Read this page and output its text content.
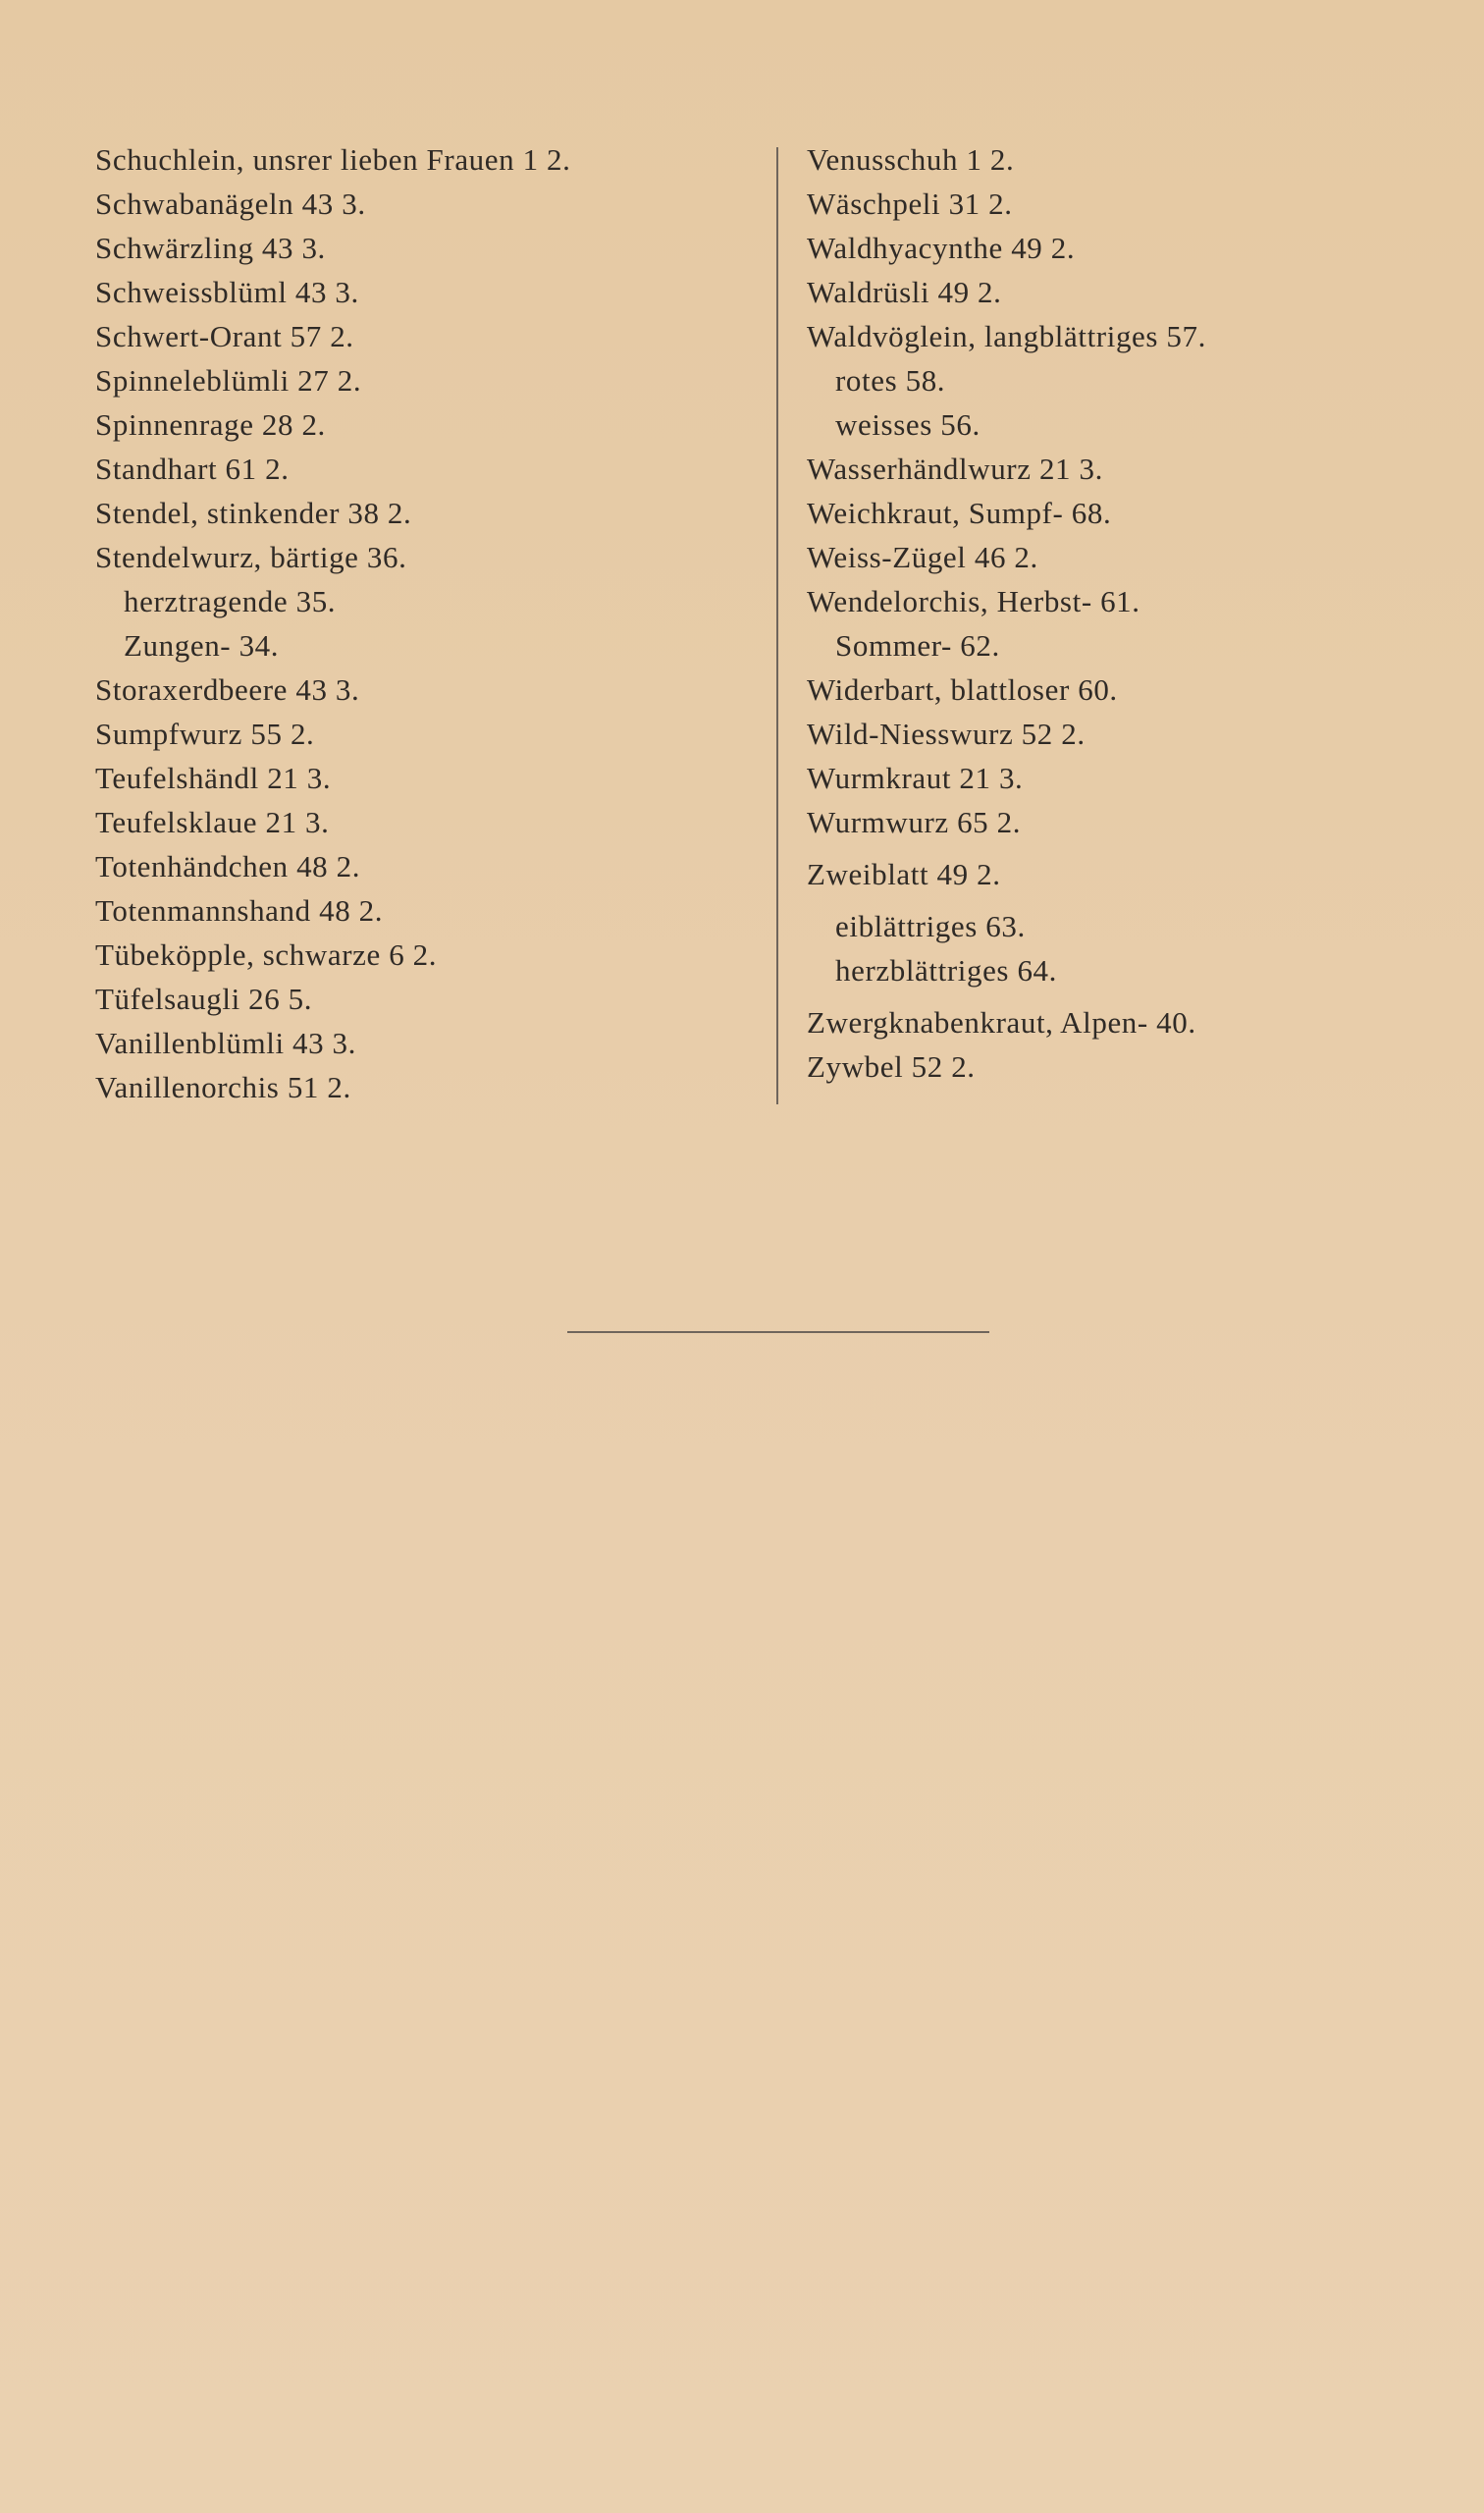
Schuchlein, unsrer lieben Frauen 1 2.
Schwabanägeln 43 3.
Schwärzling 43 3.
Schweissblüml 43 3.
Schwert-Orant 57 2.
Spinneleblümli 27 2.
Spinnenrage 28 2.
Standhart 61 2.
Stendel, stinkender 38 2.
Stendelwurz, bärtige 36.
herztragende 35.
Zungen- 34.
Storaxerdbeere 43 3.
Sumpfwurz 55 2.
Teufelshändl 21 3.
Teufelsklaue 21 3.
Totenhändchen 48 2.
Totenmannshand 48 2.
Tübeköpple, schwarze 6 2.
Tüfelsaugli 26 5.
Vanillenblümli 43 3.
Vanillenorchis 51 2.
Venusschuh 1 2.
Wäschpeli 31 2.
Waldhyacynthe 49 2.
Waldrüsli 49 2.
Waldvöglein, langblättriges 57.
rotes 58.
weisses 56.
Wasserhändlwurz 21 3.
Weichkraut, Sumpf- 68.
Weiss-Zügel 46 2.
Wendelorchis, Herbst- 61.
Sommer- 62.
Widerbart, blattloser 60.
Wild-Niesswurz 52 2.
Wurmkraut 21 3.
Wurmwurz 65 2.
Zweiblatt 49 2.
eiblättriges 63.
herzblättriges 64.
Zwergknabenkraut, Alpen- 40.
Zywbel 52 2.
